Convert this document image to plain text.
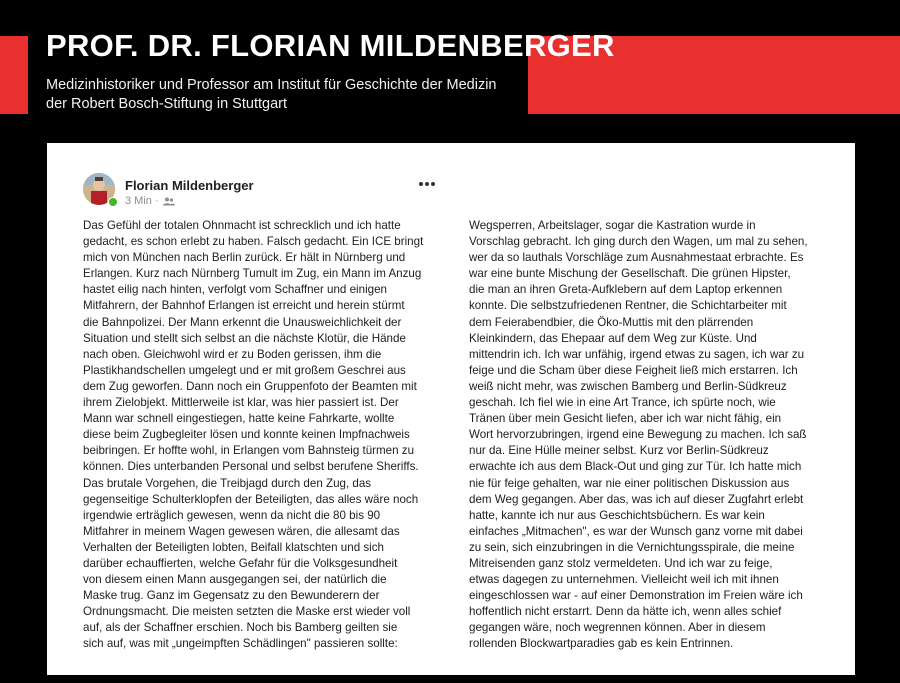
PROF. DR. FLORIAN MILDENBERGER
Medizinhistoriker und Professor am Institut für Geschichte der Medizin
der Robert Bosch-Stiftung in Stuttgart
Florian Mildenberger
3 Min ·
Das Gefühl der totalen Ohnmacht ist schrecklich und ich hatte
gedacht, es schon erlebt zu haben. Falsch gedacht. Ein ICE bringt
mich von München nach Berlin zurück. Er hält in Nürnberg und
Erlangen. Kurz nach Nürnberg Tumult im Zug, ein Mann im Anzug
hastet eilig nach hinten, verfolgt vom Schaffner und einigen
Mitfahrern, der Bahnhof Erlangen ist erreicht und herein stürmt
die Bahnpolizei. Der Mann erkennt die Unausweichlichkeit der
Situation und stellt sich selbst an die nächste Klotür, die Hände
nach oben. Gleichwohl wird er zu Boden gerissen, ihm die
Plastikhandschellen umgelegt und er mit großem Geschrei aus
dem Zug geworfen. Dann noch ein Gruppenfoto der Beamten mit
ihrem Zielobjekt. Mittlerweile ist klar, was hier passiert ist. Der
Mann war schnell eingestiegen, hatte keine Fahrkarte, wollte
diese beim Zugbegleiter lösen und konnte keinen Impfnachweis
beibringen. Er hoffte wohl, in Erlangen vom Bahnsteig türmen zu
können. Dies unterbanden Personal und selbst berufene Sheriffs.
Das brutale Vorgehen, die Treibjagd durch den Zug, das
gegenseitige Schulterklopfen der Beteiligten, das alles wäre noch
irgendwie erträglich gewesen, wenn da nicht die 80 bis 90
Mitfahrer in meinem Wagen gewesen wären, die allesamt das
Verhalten der Beteiligten lobten, Beifall klatschten und sich
darüber echauffierten, welche Gefahr für die Volksgesundheit
von diesem einen Mann ausgegangen sei, der natürlich die
Maske trug. Ganz im Gegensatz zu den Bewunderern der
Ordnungsmacht. Die meisten setzten die Maske erst wieder voll
auf, als der Schaffner erschien. Noch bis Bamberg geilten sie
sich auf, was mit „ungeimpften Schädlingen" passieren sollte:
Wegsperren, Arbeitslager, sogar die Kastration wurde in
Vorschlag gebracht. Ich ging durch den Wagen, um mal zu sehen,
wer da so lauthals Vorschläge zum Ausnahmestaat erbrachte. Es
war eine bunte Mischung der Gesellschaft. Die grünen Hipster,
die man an ihren Greta-Aufklebern auf dem Laptop erkennen
konnte. Die selbstzufriedenen Rentner, die Schichtarbeiter mit
dem Feierabendbier, die Öko-Muttis mit den plärrenden
Kleinkindern, das Ehepaar auf dem Weg zur Küste. Und
mittendrin ich. Ich war unfähig, irgend etwas zu sagen, ich war zu
feige und die Scham über diese Feigheit ließ mich erstarren. Ich
weiß nicht mehr, was zwischen Bamberg und Berlin-Südkreuz
geschah. Ich fiel wie in eine Art Trance, ich spürte noch, wie
Tränen über mein Gesicht liefen, aber ich war nicht fähig, ein
Wort hervorzubringen, irgend eine Bewegung zu machen. Ich saß
nur da. Eine Hülle meiner selbst. Kurz vor Berlin-Südkreuz
erwachte ich aus dem Black-Out und ging zur Tür. Ich hatte mich
nie für feige gehalten, war nie einer politischen Diskussion aus
dem Weg gegangen. Aber das, was ich auf dieser Zugfahrt erlebt
hatte, kannte ich nur aus Geschichtsbüchern. Es war kein
einfaches „Mitmachen", es war der Wunsch ganz vorne mit dabei
zu sein, sich einzubringen in die Vernichtungsspirale, die meine
Mitreisenden ganz stolz vermeldeten. Und ich war zu feige,
etwas dagegen zu unternehmen. Vielleicht weil ich mit ihnen
eingeschlossen war - auf einer Demonstration im Freien wäre ich
hoffentlich nicht erstarrt. Denn da hätte ich, wenn alles schief
gegangen wäre, noch wegrennen können. Aber in diesem
rollenden Blockwartparadies gab es kein Entrinnen.
